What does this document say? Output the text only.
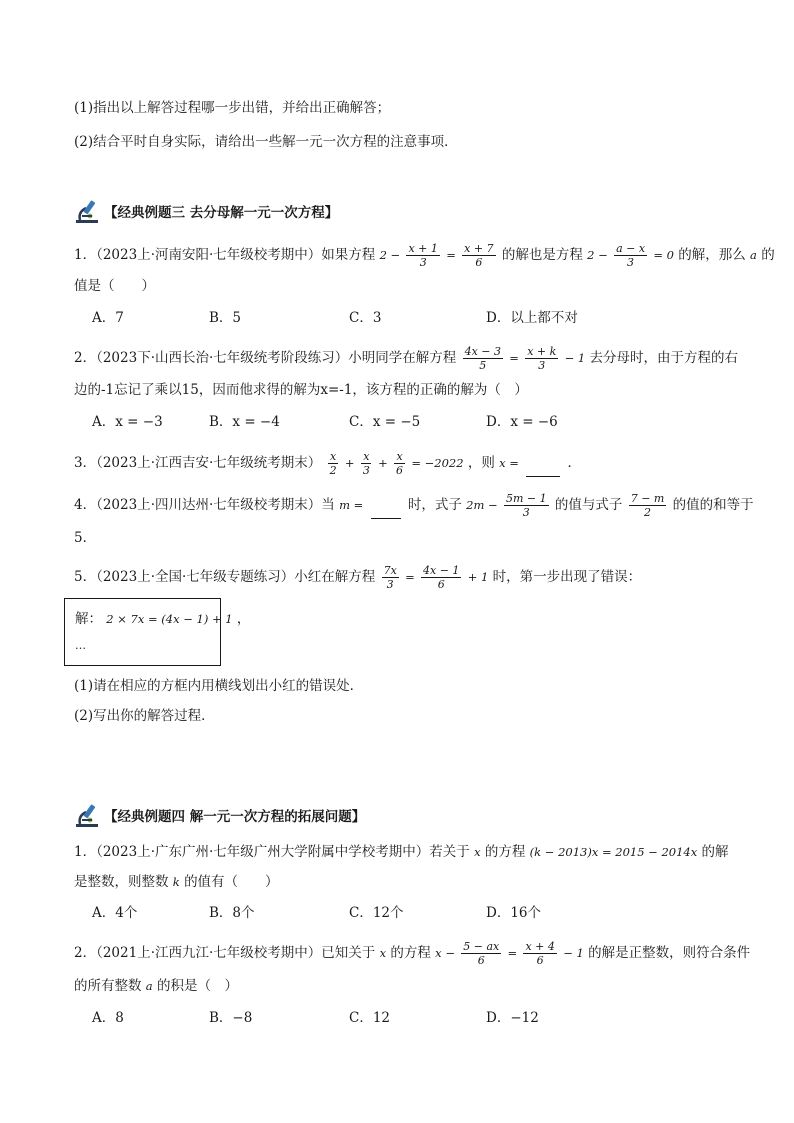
(1)指出以上解答过程哪一步出错，并给出正确解答；
(2)结合平时自身实际，请给出一些解一元一次方程的注意事项．
【经典例题三 去分母解一元一次方程】
1．（2023上·河南安阳·七年级校考期中）如果方程 $2 - \frac{x + 1}{3} = \frac{x + 7}{6}$ 的解也是方程 $2 - \frac{a - x}{3} = 0$ 的解，那么 a 的
值是（　　）
A．7	B．5	C．3	D．以上都不对
2．（2023下·山西长治·七年级统考阶段练习）小明同学在解方程 $\frac{4x - 3}{5} = \frac{x + k}{3} - 1$ 去分母时，由于方程的右
边的-1忘记了乘以15，因而他求得的解为x=-1，该方程的正确的解为（　）
A．x = −3	B．x = −4	C．x = −5	D．x = −6
3．（2023上·江西吉安·七年级统考期末） $\frac{x}{2} + \frac{x}{3} + \frac{x}{6} = -2022$ ，则 x =	．
4．（2023上·四川达州·七年级校考期末）当 m =	时，式子 $2m - \frac{5m - 1}{3}$ 的值与式子 $\frac{7 - m}{2}$ 的值的和等于
5．
5．（2023上·全国·七年级专题练习）小红在解方程 $\frac{7x}{3} = \frac{4x - 1}{6} + 1$ 时，第一步出现了错误：
解： 2 × 7x = (4x − 1) + 1 ，
…
(1)请在相应的方框内用横线划出小红的错误处．
(2)写出你的解答过程．
【经典例题四 解一元一次方程的拓展问题】
1．（2023上·广东广州·七年级广州大学附属中学校考期中）若关于 x 的方程 (k − 2013)x = 2015 − 2014x 的解
是整数，则整数 k 的值有（　　）
A．4个	B．8个	C．12个	D．16个
2．（2021上·江西九江·七年级校考期中）已知关于 x 的方程 $x - \frac{5 - ax}{6} = \frac{x + 4}{6} - 1$ 的解是正整数，则符合条件
的所有整数 a 的积是（　）
A．8	B．−8	C．12	D．−12
